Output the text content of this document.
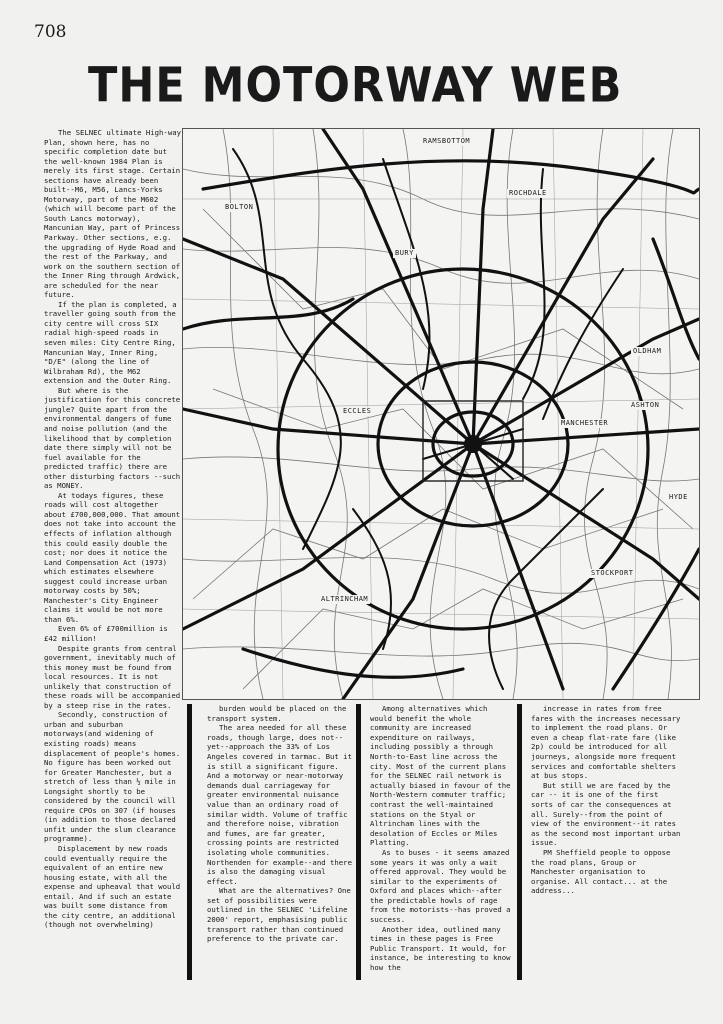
708
THE MOTORWAY WEB

The SELNEC ultimate High-way Plan, shown here, has no specific completion date but the well-known 1984 Plan is merely its first stage. Certain sections have already been built--M6, M56, Lancs-Yorks Motorway, part of the M602 (which will become part of the South Lancs motorway), Mancunian Way, part of Princess Parkway. Other sections, e.g. the upgrading of Hyde Road and the rest of the Parkway, and work on the southern section of the Inner Ring through Ardwick, are scheduled for the near future.

If the plan is completed, a traveller going south from the city centre will cross SIX radial high-speed roads in seven miles: City Centre Ring, Mancunian Way, Inner Ring, "D/E" (along the line of Wilbraham Rd), the M62 extension and the Outer Ring.

But where is the justification for this concrete jungle? Quite apart from the environmental dangers of fume and noise pollution (and the likelihood that by completion date there simply will not be fuel available for the predicted traffic) there are other disturbing factors --such as MONEY.

At todays figures, these roads will cost altogether about £700,000,000. That amount does not take into account the effects of inflation although this could easily double the cost; nor does it notice the Land Compensation Act (1973) which estimates elsewhere suggest could increase urban motorway costs by 50%; Manchester's City Engineer claims it would be not more than 6%.

Even 6% of £700million is £42 million!

Despite grants from central government, inevitably much of this money must be found from local resources. It is not unlikely that construction of these roads will be accompanied by a steep rise in the rates.

Secondly, construction of urban and suburban motorways(and widening of existing roads) means displacement of people's homes. No figure has been worked out for Greater Manchester, but a stretch of less than ½ mile in Longsight shortly to be considered by the council will require CPOs on 307 (if houses (in addition to those declared unfit under the slum clearance programme).

Displacement by new roads could eventually require the equivalent of an entire new housing estate, with all the expense and upheaval that would entail. And if such an estate was built some distance from the city centre, an additional (though not overwhelming)

RAMSBOTTOM
BOLTON
ROCHDALE
BURY
OLDHAM
ECCLES
MANCHESTER
ASHTON
HYDE
STOCKPORT
ALTRINCHAM

burden would be placed on the transport system.

The area needed for all these roads, though large, does not--yet--approach the 33% of Los Angeles covered in tarmac. But it is still a significant figure. And a motorway or near-motorway demands dual carriageway for greater environmental nuisance value than an ordinary road of similar width. Volume of traffic and therefore noise, vibration and fumes, are far greater, crossing points are restricted isolating whole communities. Northenden for example--and there is also the damaging visual effect.

What are the alternatives? One set of possibilities were outlined in the SELNEC 'Lifeline 2000' report, emphasising public transport rather than continued preference to the private car.

Among alternatives which would benefit the whole community are increased expenditure on railways, including possibly a through North-to-East line across the city. Most of the current plans for the SELNEC rail network is actually biased in favour of the North-Western commuter traffic; contrast the well-maintained stations on the Styal or Altrincham lines with the desolation of Eccles or Miles Platting.

As to buses - it seems amazed some years it was only a wait offered approval. They would be similar to the experiments of Oxford and places which--after the predictable howls of rage from the motorists--has proved a success.

Another idea, outlined many times in these pages is Free Public Transport. It would, for instance, be interesting to know how the

increase in rates from free fares with the increases necessary to implement the road plans. Or even a cheap flat-rate fare (like 2p) could be introduced for all journeys, alongside more frequent services and comfortable shelters at bus stops.

But still we are faced by the car -- it is one of the first sorts of car the consequences at all. Surely--from the point of view of the environment--it rates as the second most important urban issue.

PM Sheffield people to oppose the road plans, Group or Manchester organisation to organise. All contact... at the address...
